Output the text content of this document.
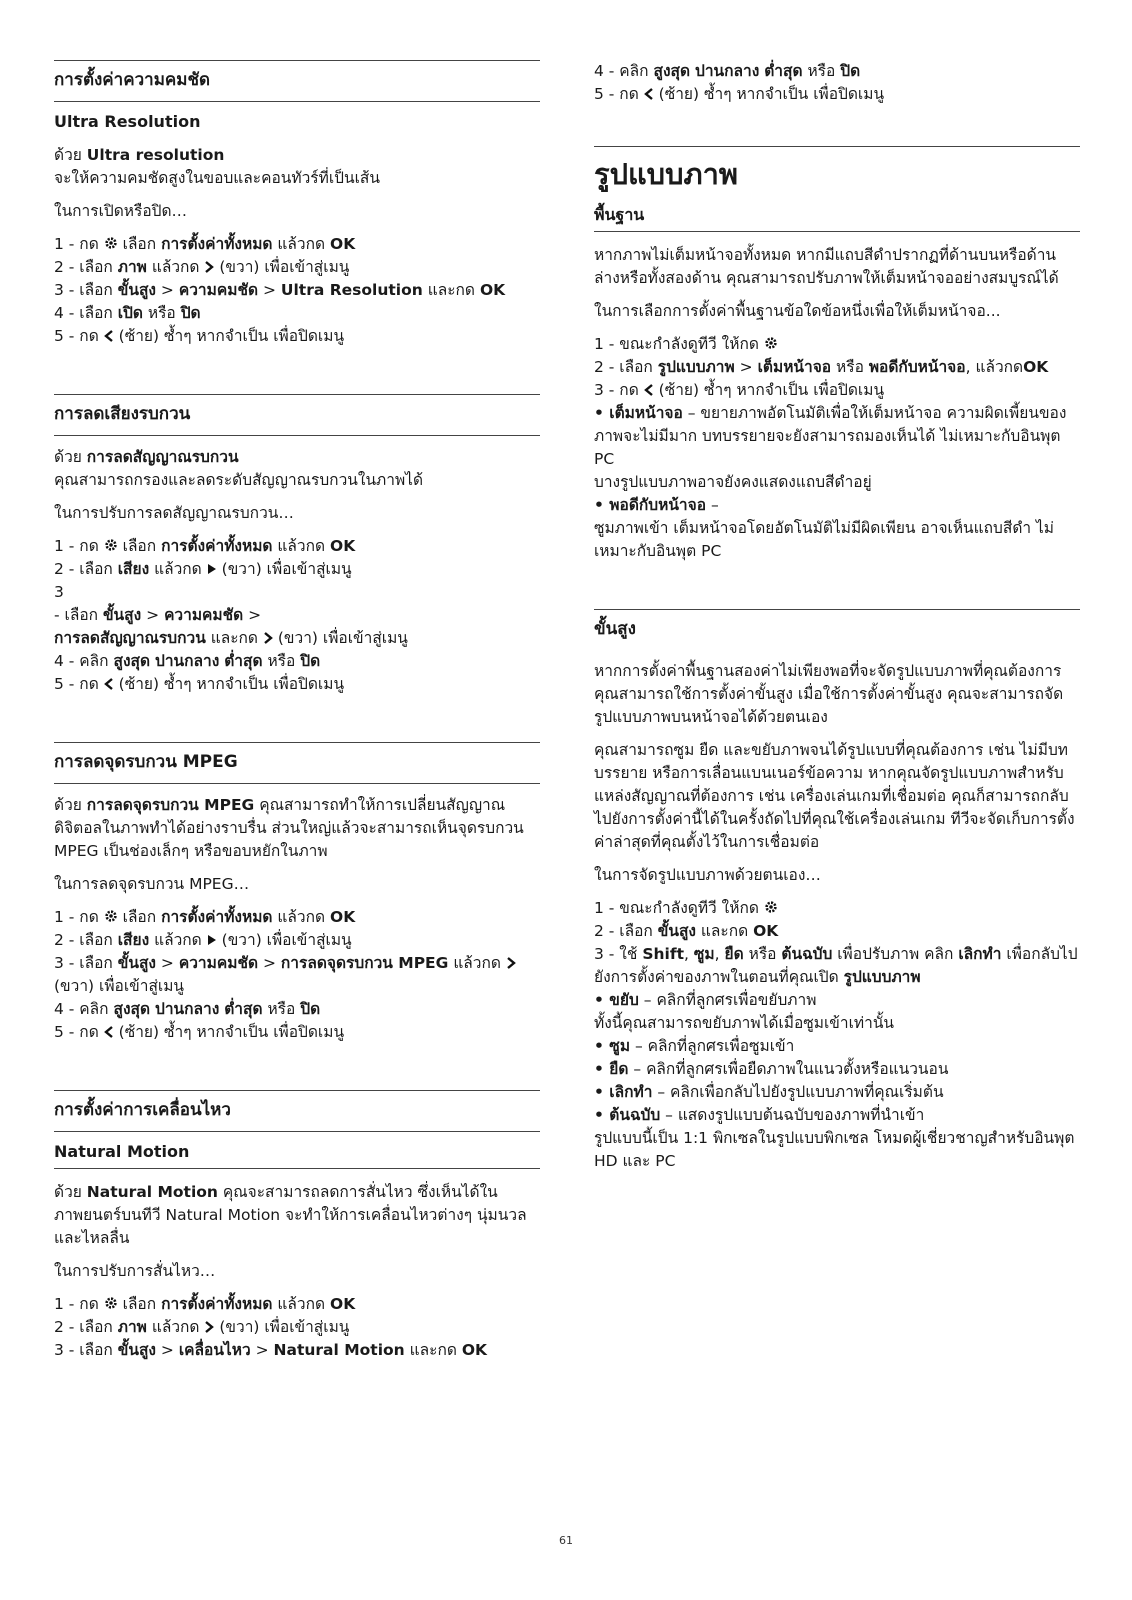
การตั้งค่าความคมชัด
Ultra Resolution

ด้วย Ultra resolution
จะให้ความคมชัดสูงในขอบและคอนทัวร์ที่เป็นเส้น

ในการเปิดหรือปิด…

1 - กด เลือก การตั้งค่าทั้งหมด แล้วกด OK

2 - เลือก ภาพ แล้วกด (ขวา) เพื่อเข้าสู่เมนู

3 - เลือก ขั้นสูง > ความคมชัด > Ultra Resolution และกด OK

4 - เลือก เปิด หรือ ปิด

5 - กด (ซ้าย) ซ้ำๆ หากจำเป็น เพื่อปิดเมนู

การลดเสียงรบกวน

ด้วย การลดสัญญาณรบกวน
คุณสามารถกรองและลดระดับสัญญาณรบกวนในภาพได้

ในการปรับการลดสัญญาณรบกวน…

1 - กด เลือก การตั้งค่าทั้งหมด แล้วกด OK

2 - เลือก เสียง แล้วกด (ขวา) เพื่อเข้าสู่เมนู

3

- เลือก ขั้นสูง > ความคมชัด >
การลดสัญญาณรบกวน และกด (ขวา) เพื่อเข้าสู่เมนู

4 - คลิก สูงสุด ปานกลาง ต่ำสุด หรือ ปิด

5 - กด (ซ้าย) ซ้ำๆ หากจำเป็น เพื่อปิดเมนู

การลดจุดรบกวน MPEG

ด้วย การลดจุดรบกวน MPEG คุณสามารถทำให้การเปลี่ยนสัญญาณดิจิตอลในภาพทำได้อย่างราบรื่น ส่วนใหญ่แล้วจะสามารถเห็นจุดรบกวน MPEG เป็นช่องเล็กๆ หรือขอบหยักในภาพ

ในการลดจุดรบกวน MPEG…

1 - กด เลือก การตั้งค่าทั้งหมด แล้วกด OK

2 - เลือก เสียง แล้วกด (ขวา) เพื่อเข้าสู่เมนู

3 - เลือก ขั้นสูง > ความคมชัด > การลดจุดรบกวน MPEG แล้วกด  (ขวา) เพื่อเข้าสู่เมนู

4 - คลิก สูงสุด ปานกลาง ต่ำสุด หรือ ปิด

5 - กด (ซ้าย) ซ้ำๆ หากจำเป็น เพื่อปิดเมนู

การตั้งค่าการเคลื่อนไหว
Natural Motion

ด้วย Natural Motion คุณจะสามารถลดการสั่นไหว ซึ่งเห็นได้ในภาพยนตร์บนทีวี Natural Motion จะทำให้การเคลื่อนไหวต่างๆ นุ่มนวลและไหลลื่น

ในการปรับการสั่นไหว…

1 - กด เลือก การตั้งค่าทั้งหมด แล้วกด OK

2 - เลือก ภาพ แล้วกด (ขวา) เพื่อเข้าสู่เมนู

3 - เลือก ขั้นสูง > เคลื่อนไหว > Natural Motion และกด OK

4 - คลิก สูงสุด ปานกลาง ต่ำสุด หรือ ปิด

5 - กด (ซ้าย) ซ้ำๆ หากจำเป็น เพื่อปิดเมนู

รูปแบบภาพ
พื้นฐาน

หากภาพไม่เต็มหน้าจอทั้งหมด หากมีแถบสีดำปรากฏที่ด้านบนหรือด้านล่างหรือทั้งสองด้าน คุณสามารถปรับภาพให้เต็มหน้าจออย่างสมบูรณ์ได้

ในการเลือกการตั้งค่าพื้นฐานข้อใดข้อหนึ่งเพื่อให้เต็มหน้าจอ...

1 - ขณะกำลังดูทีวี ให้กด

2 - เลือก รูปแบบภาพ > เต็มหน้าจอ หรือ พอดีกับหน้าจอ, แล้วกดOK

3 - กด (ซ้าย) ซ้ำๆ หากจำเป็น เพื่อปิดเมนู

• เต็มหน้าจอ – ขยายภาพอัตโนมัติเพื่อให้เต็มหน้าจอ ความผิดเพี้ยนของภาพจะไม่มีมาก บทบรรยายจะยังสามารถมองเห็นได้ ไม่เหมาะกับอินพุต PC

บางรูปแบบภาพอาจยังคงแสดงแถบสีดำอยู่

• พอดีกับหน้าจอ –

ซูมภาพเข้า เต็มหน้าจอโดยอัตโนมัติไม่มีผิดเพียน อาจเห็นแถบสีดำ ไม่เหมาะกับอินพุต PC

ขั้นสูง

หากการตั้งค่าพื้นฐานสองค่าไม่เพียงพอที่จะจัดรูปแบบภาพที่คุณต้องการ คุณสามารถใช้การตั้งค่าขั้นสูง เมื่อใช้การตั้งค่าขั้นสูง คุณจะสามารถจัดรูปแบบภาพบนหน้าจอได้ด้วยตนเอง

คุณสามารถซูม ยืด และขยับภาพจนได้รูปแบบที่คุณต้องการ เช่น ไม่มีบทบรรยาย หรือการเลื่อนแบนเนอร์ข้อความ หากคุณจัดรูปแบบภาพสำหรับแหล่งสัญญาณที่ต้องการ เช่น เครื่องเล่นเกมที่เชื่อมต่อ คุณก็สามารถกลับไปยังการตั้งค่านี้ได้ในครั้งถัดไปที่คุณใช้เครื่องเล่นเกม ทีวีจะจัดเก็บการตั้งค่าล่าสุดที่คุณตั้งไว้ในการเชื่อมต่อ

ในการจัดรูปแบบภาพด้วยตนเอง…

1 - ขณะกำลังดูทีวี ให้กด

2 - เลือก ขั้นสูง และกด OK

3 - ใช้ Shift, ซูม, ยืด หรือ ต้นฉบับ เพื่อปรับภาพ คลิก เลิกทำ เพื่อกลับไปยังการตั้งค่าของภาพในตอนที่คุณเปิด รูปแบบภาพ

• ขยับ – คลิกที่ลูกศรเพื่อขยับภาพ

ทั้งนี้คุณสามารถขยับภาพได้เมื่อซูมเข้าเท่านั้น

• ซูม – คลิกที่ลูกศรเพื่อซูมเข้า

• ยืด – คลิกที่ลูกศรเพื่อยืดภาพในแนวตั้งหรือแนวนอน

• เลิกทำ – คลิกเพื่อกลับไปยังรูปแบบภาพที่คุณเริ่มต้น

• ต้นฉบับ – แสดงรูปแบบต้นฉบับของภาพที่นำเข้า

รูปแบบนี้เป็น 1:1 พิกเซลในรูปแบบพิกเซล โหมดผู้เชี่ยวชาญสำหรับอินพุต HD และ PC

61
